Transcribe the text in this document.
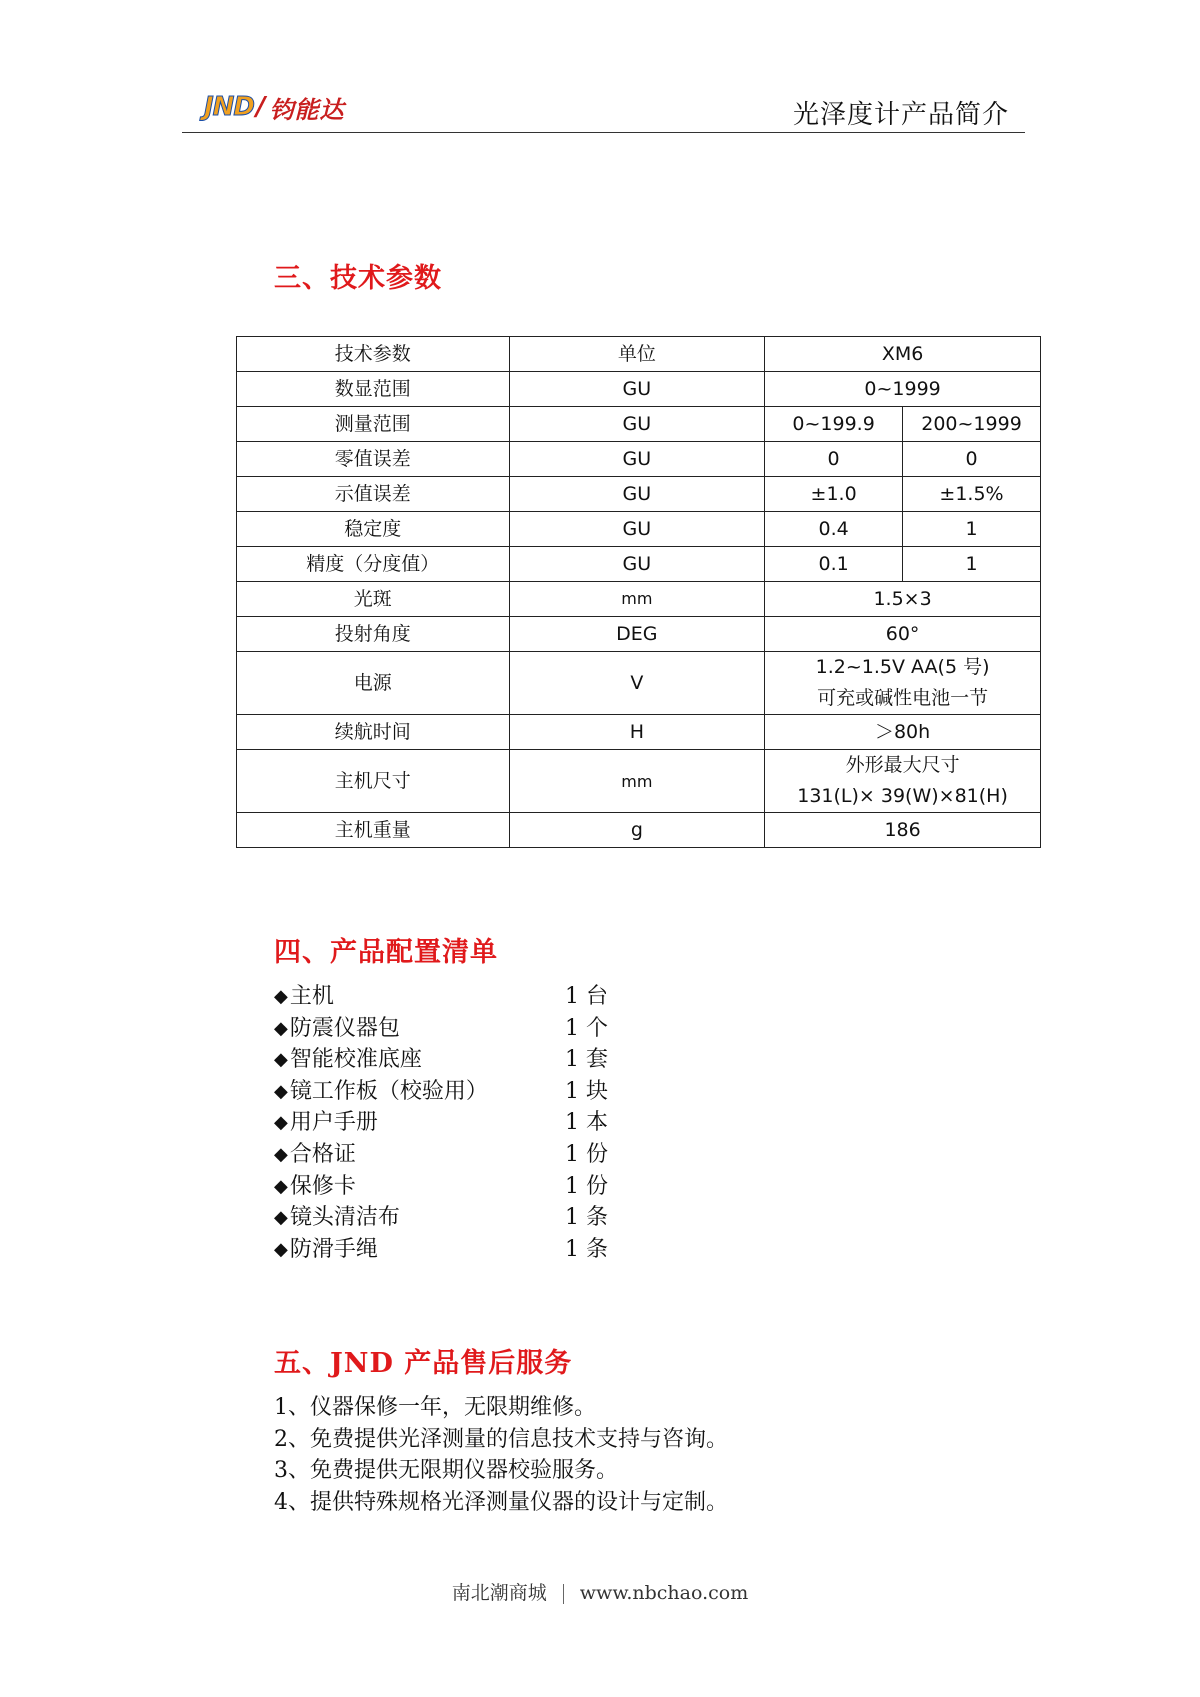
JND / 钧能达	光泽度计产品简介
三、技术参数
技术参数	单位	XM6	
数显范围	GU	0~1999	
测量范围	GU	0~199.9	200~1999
零值误差	GU	0	0
示值误差	GU	±1.0	±1.5%
稳定度	GU	0.4	1
精度（分度值）	GU	0.1	1
光斑	mm	1.5×3	
投射角度	DEG	60°	
电源	V	1.2~1.5V AA(5 号)
可充或碱性电池一节	

续航时间	H	＞80h	
主机尺寸	mm	外形最大尺寸
131(L)× 39(W)×81(H)	

主机重量	g	186	
四、产品配置清单
◆ 主机	1 台
◆ 防震仪器包	1 个
◆ 智能校准底座	1 套
◆ 镜工作板（校验用）	1 块
◆ 用户手册	1 本
◆ 合格证	1 份
◆ 保修卡	1 份
◆ 镜头清洁布	1 条
◆ 防滑手绳	1 条
五、JND 产品售后服务
1、仪器保修一年，无限期维修。
2、免费提供光泽测量的信息技术支持与咨询。
3、免费提供无限期仪器校验服务。
4、提供特殊规格光泽测量仪器的设计与定制。
南北潮商城 www.nbchao.com
